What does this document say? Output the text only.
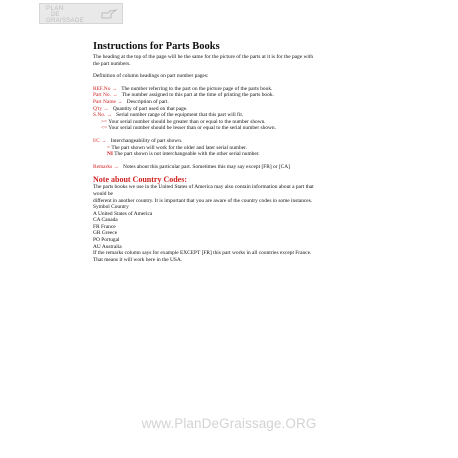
PLAN
DE
GRAISSAGE
Instructions for Parts Books

The heading at the top of the page will be the same for the picture of the parts at it is for the page with

the part numbers.

Definition of column headings on part number pages:

REF.No →   The number referring to the part on the picture page of the parts book.

Part No. →   The number assigned to this part at the time of printing the parts book.

Part Name →   Description of part.

Q'ty →   Quantity of part used on that page.

S.No. →   Serial number range of the equipment that this part will fit.

>= Your serial number should be greater than or equal to the number shown.

<= Your serial number should be lesser than or equal to the serial number shown.

I/C →   Interchangeability of part shown.

= The part shown will work for the older and later serial number.

NI The part shown is not interchangeable with the other serial number.

Remarks →   Notes about this particular part. Sometimes this may say except [FR] or [CA]

Note about Country Codes:

The parts books we use in the United States of America may also contain information about a part that

would be

different in another country. It is important that you are aware of the country codes in some instances.

Symbol Country

A United States of America

CA Canada

FR France

GR Greece

PO Portugal

AU Australia

If the remarks column says for example EXCEPT [FR] this part works in all countries except France.

That means it will work here in the USA.

www.PlanDeGraissage.ORG
